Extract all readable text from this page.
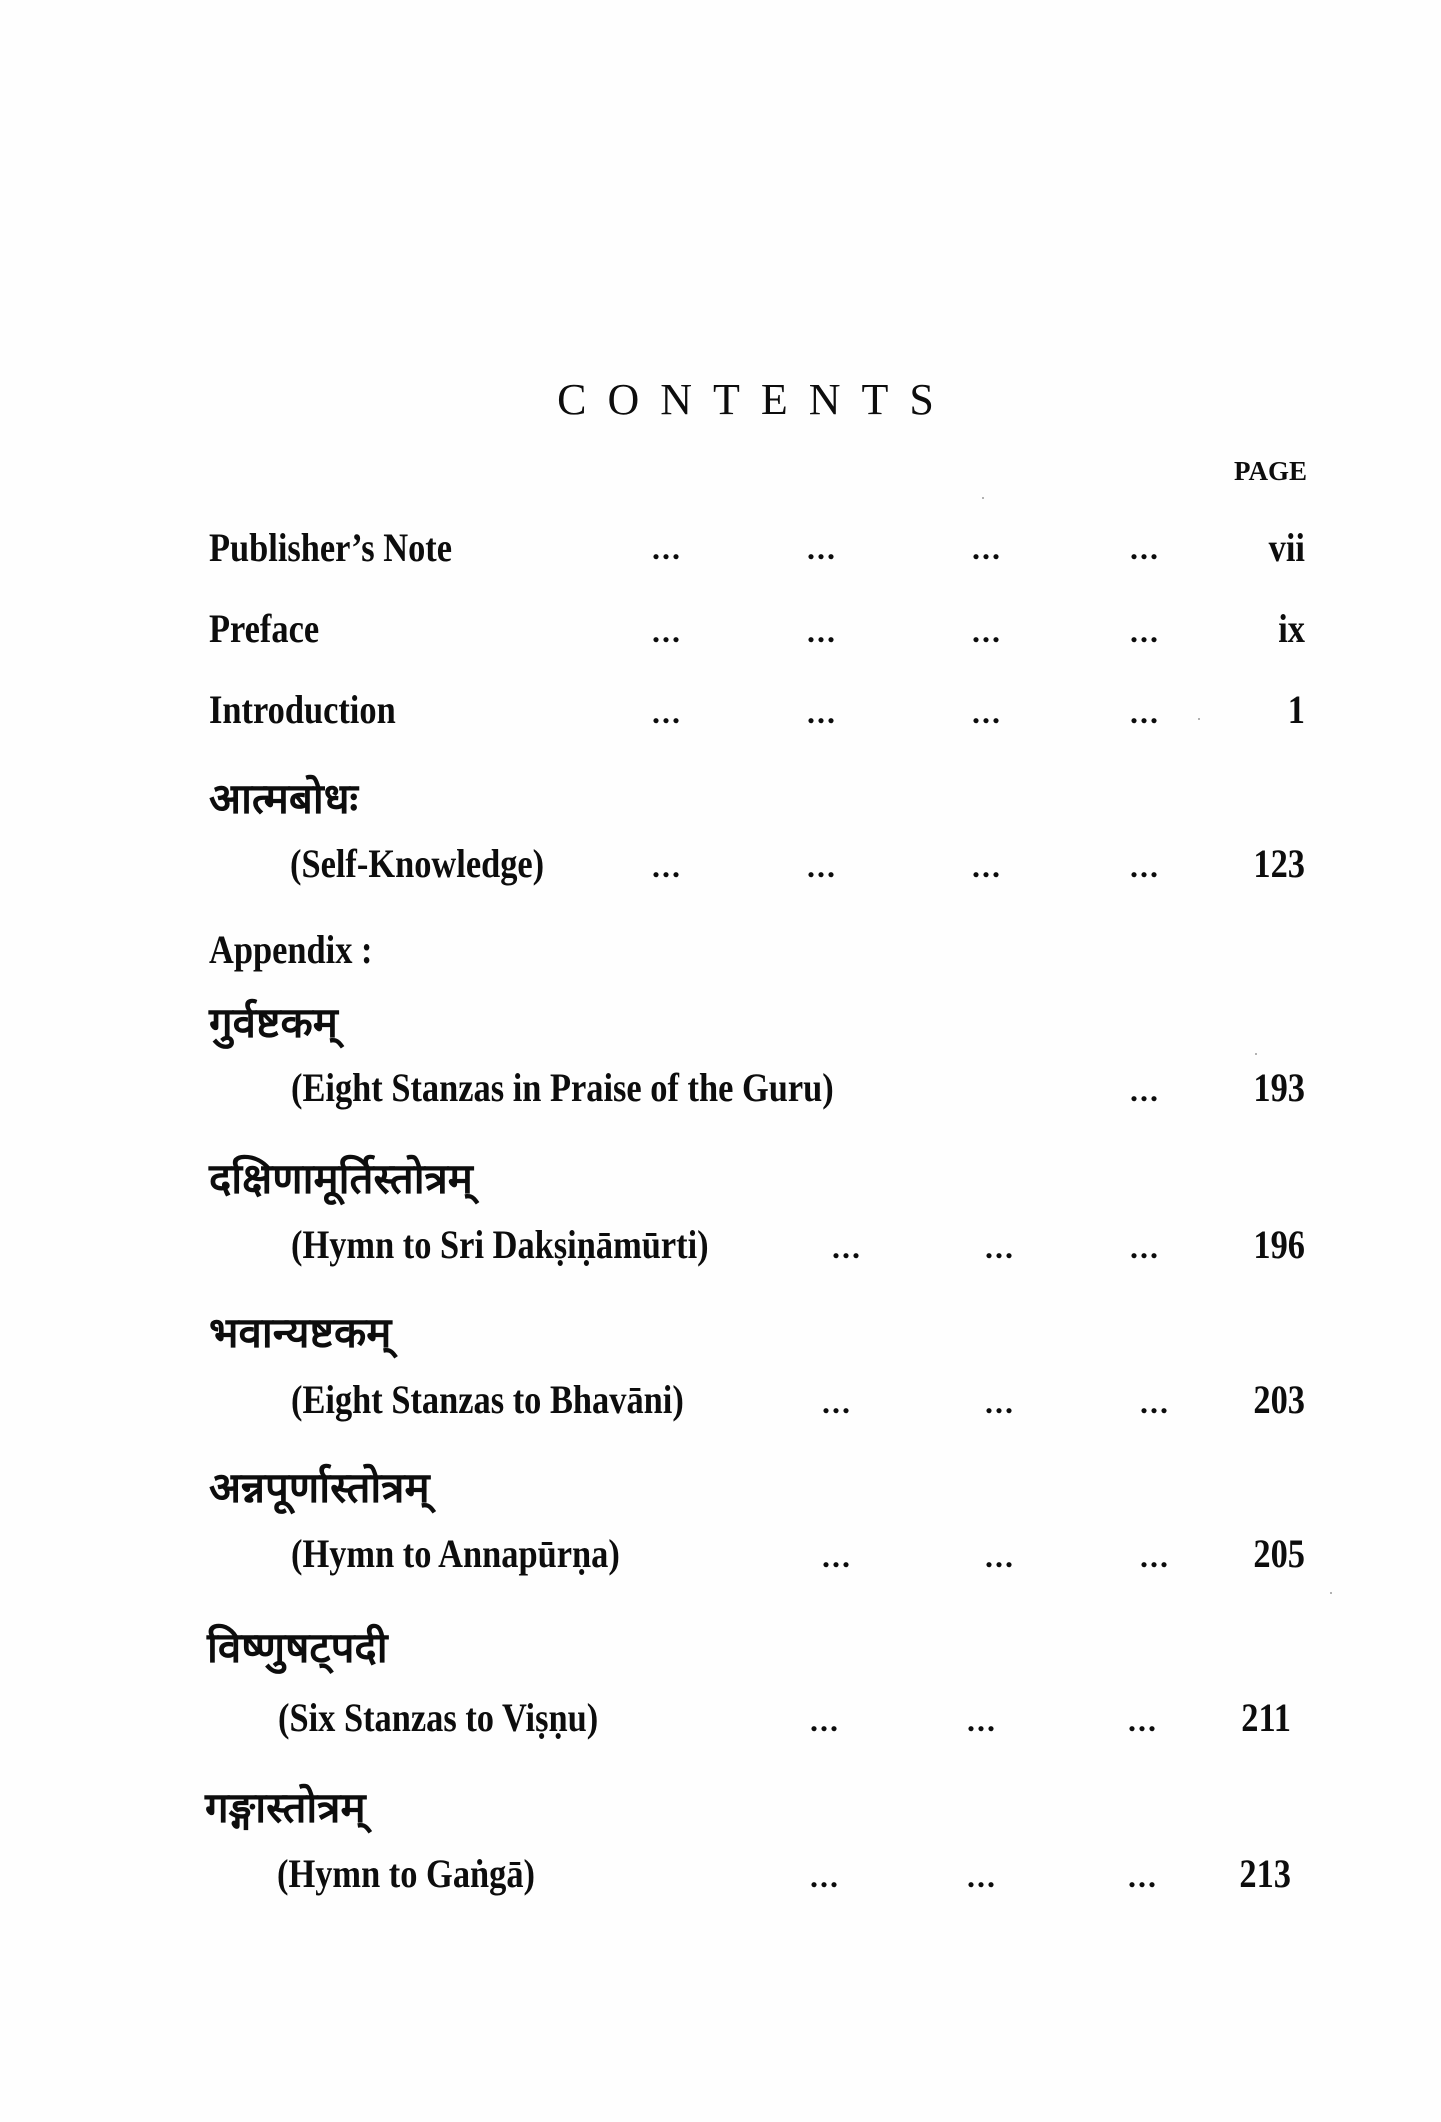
CONTENTS
PAGE
Publisher’s Note	...	...	...	...	vii
Preface	...	...	...	...	ix
Introduction	...	...	...	...	1
आत्मबोधः
(Self-Knowledge)	...	...	...	...	123
Appendix :
गुर्वष्टकम्
(Eight Stanzas in Praise of the Guru)	...	193
दक्षिणामूर्तिस्तोत्रम्
(Hymn to Sri Dakṣiṇāmūrti)	...	...	...	196
भवान्यष्टकम्
(Eight Stanzas to Bhavāni)	...	...	...	203
अन्नपूर्णास्तोत्रम्
(Hymn to Annapūrṇa)	...	...	...	205
विष्णुषट्पदी
(Six Stanzas to Viṣṇu)	...	...	...	211
गङ्गास्तोत्रम्
(Hymn to Gaṅgā)	...	...	...	213
